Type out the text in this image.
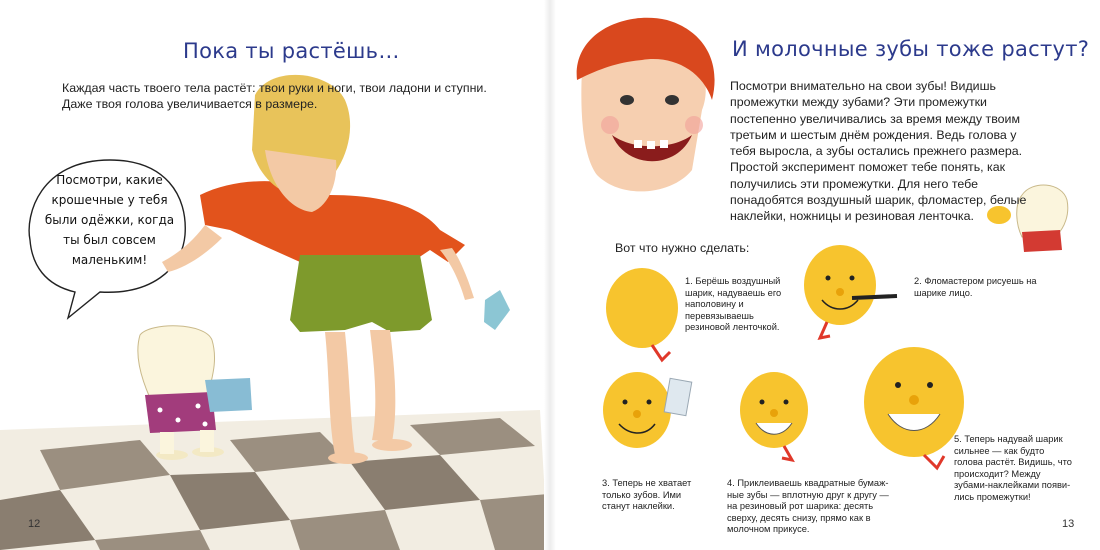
Пока ты растёшь…
Каждая часть твоего тела растёт: твои руки и ноги, твои ладони и ступни. Даже твоя голова увеличивается в размере.
Посмотри, какие крошечные у тебя были одёжки, когда ты был совсем маленьким!
12
И молочные зубы тоже растут?
Посмотри внимательно на свои зубы! Видишь промежутки между зубами? Эти промежутки постепенно увеличивались за время между твоим третьим и шестым днём рождения. Ведь голова у тебя выросла, а зубы остались прежнего размера. Простой эксперимент поможет тебе понять, как получились эти промежутки. Для него тебе понадобятся воздушный шарик, фломастер, белые наклейки, ножницы и резиновая ленточка.
Вот что нужно сделать:
1. Берёшь воздушный шарик, надуваешь его наполовину и перевязываешь резиновой ленточкой.
2. Фломастером рисуешь на шарике лицо.
3. Теперь не хватает только зубов. Ими станут наклейки.
4. Приклеиваешь квадратные бумажные зубы — вплотную друг к другу — на резиновый рот шарика: десять сверху, десять снизу, прямо как в молочном прикусе.
5. Теперь надувай шарик сильнее — как будто голова растёт. Видишь, что происходит? Между зубами-наклейками появились промежутки!
13
